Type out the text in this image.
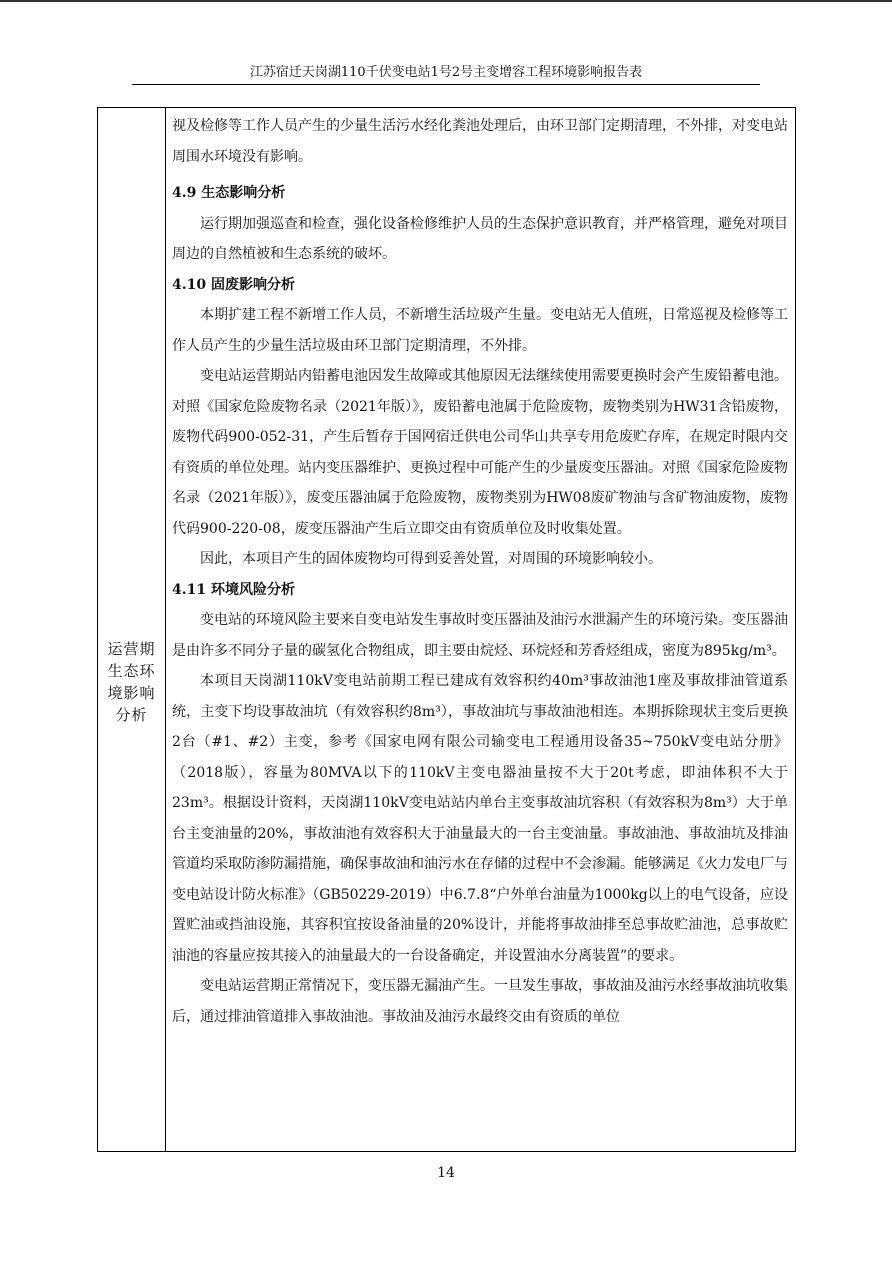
江苏宿迁天岗湖110千伏变电站1号2号主变增容工程环境影响报告表
运营期
生态环
境影响
分析

视及检修等工作人员产生的少量生活污水经化粪池处理后，由环卫部门定期清理，不外排，对变电站周围水环境没有影响。

4.9 生态影响分析

运行期加强巡查和检查，强化设备检修维护人员的生态保护意识教育，并严格管理，避免对项目周边的自然植被和生态系统的破坏。

4.10 固废影响分析

本期扩建工程不新增工作人员，不新增生活垃圾产生量。变电站无人值班，日常巡视及检修等工作人员产生的少量生活垃圾由环卫部门定期清理，不外排。

变电站运营期站内铅蓄电池因发生故障或其他原因无法继续使用需要更换时会产生废铅蓄电池。对照《国家危险废物名录（2021年版）》，废铅蓄电池属于危险废物，废物类别为HW31含铅废物，废物代码900-052-31，产生后暂存于国网宿迁供电公司华山共享专用危废贮存库，在规定时限内交有资质的单位处理。站内变压器维护、更换过程中可能产生的少量废变压器油。对照《国家危险废物名录（2021年版）》，废变压器油属于危险废物，废物类别为HW08废矿物油与含矿物油废物，废物代码900-220-08，废变压器油产生后立即交由有资质单位及时收集处置。

因此，本项目产生的固体废物均可得到妥善处置，对周围的环境影响较小。

4.11 环境风险分析

变电站的环境风险主要来自变电站发生事故时变压器油及油污水泄漏产生的环境污染。变压器油是由许多不同分子量的碳氢化合物组成，即主要由烷烃、环烷烃和芳香烃组成，密度为895kg/m³。

本项目天岗湖110kV变电站前期工程已建成有效容积约40m³事故油池1座及事故排油管道系统，主变下均设事故油坑（有效容积约8m³），事故油坑与事故油池相连。本期拆除现状主变后更换2台（#1、#2）主变，参考《国家电网有限公司输变电工程通用设备35~750kV变电站分册》（2018版），容量为80MVA以下的110kV主变电器油量按不大于20t考虑，即油体积不大于23m³。根据设计资料，天岗湖110kV变电站站内单台主变事故油坑容积（有效容积为8m³）大于单台主变油量的20%，事故油池有效容积大于油量最大的一台主变油量。事故油池、事故油坑及排油管道均采取防渗防漏措施，确保事故油和油污水在存储的过程中不会渗漏。能够满足《火力发电厂与变电站设计防火标准》（GB50229-2019）中6.7.8“户外单台油量为1000kg以上的电气设备，应设置贮油或挡油设施，其容积宜按设备油量的20%设计，并能将事故油排至总事故贮油池，总事故贮油池的容量应按其接入的油量最大的一台设备确定，并设置油水分离装置”的要求。

变电站运营期正常情况下，变压器无漏油产生。一旦发生事故，事故油及油污水经事故油坑收集后，通过排油管道排入事故油池。事故油及油污水最终交由有资质的单位

14
